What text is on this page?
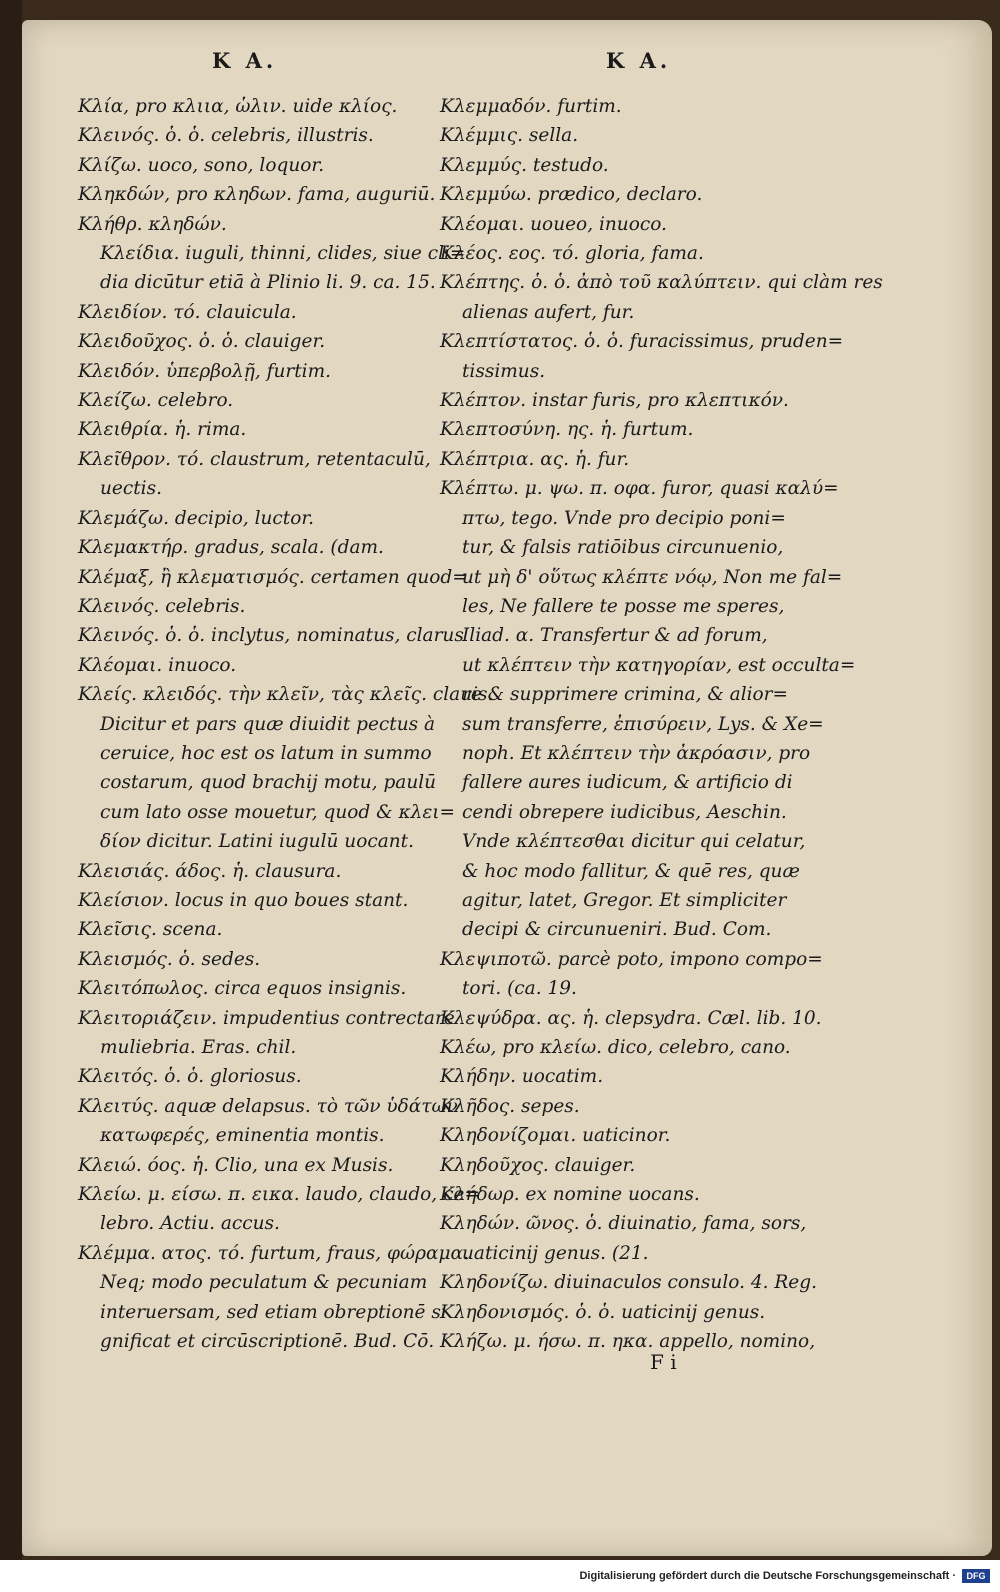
K A.	K A.
Κλία, pro κλιια, ὡλιν. uide κλίος.
Κλεινός. ὁ. ὁ. celebris, illustris.
Κλίζω. uoco, sono, loquor.
Κληκδών, pro κληδων. fama, auguriū.
Κλήθρ. κληδών.
Κλείδια. iuguli, thinni, clides, siue cli=
dia dicūtur etiā à Plinio li. 9. ca. 15.
Κλειδίον. τό. clauicula.
Κλειδοῦχος. ὁ. ὁ. clauiger.
Κλειδόν. ὑπερβολῇ, furtim.
Κλείζω. celebro.
Κλειθρία. ἡ. rima.
Κλεῖθρον. τό. claustrum, retentaculū,
uectis.
Κλεμάζω. decipio, luctor.
Κλεμακτήρ. gradus, scala. (dam.
Κλέμαξ, ἢ κλεματισμός. certamen quod=
Κλεινός. celebris.
Κλεινός. ὁ. ὁ. inclytus, nominatus, clarus
Κλέομαι. inuoco.
Κλείς. κλειδός. τὴν κλεῖν, τὰς κλεῖς. clauis.
Dicitur et pars quæ diuidit pectus à
ceruice, hoc est os latum in summo
costarum, quod brachij motu, paulū
cum lato osse mouetur, quod & κλει=
δίον dicitur. Latini iugulū uocant.
Κλεισιάς. άδος. ἡ. clausura.
Κλείσιον. locus in quo boues stant.
Κλεῖσις. scena.
Κλεισμός. ὁ. sedes.
Κλειτόπωλος. circa equos insignis.
Κλειτοριάζειν. impudentius contrectare
muliebria. Eras. chil.
Κλειτός. ὁ. ὁ. gloriosus.
Κλειτύς. aquæ delapsus. τὸ τῶν ὑδάτων
κατωφερές, eminentia montis.
Κλειώ. όος. ἡ. Clio, una ex Musis.
Κλείω. μ. είσω. π. εικα. laudo, claudo, ce=
lebro. Actiu. accus.
Κλέμμα. ατος. τό. furtum, fraus, φώραμα.
Neq; modo peculatum & pecuniam
interuersam, sed etiam obreptionē si
gnificat et circūscriptionē. Bud. Cō.
Κλεμμαδόν. furtim.
Κλέμμις. sella.
Κλεμμύς. testudo.
Κλεμμύω. prædico, declaro.
Κλέομαι. uoueo, inuoco.
Κλέος. εος. τό. gloria, fama.
Κλέπτης. ὁ. ὁ. ἀπὸ τοῦ καλύπτειν. qui clàm res
alienas aufert, fur.
Κλεπτίστατος. ὁ. ὁ. furacissimus, pruden=
tissimus.
Κλέπτον. instar furis, pro κλεπτικόν.
Κλεπτοσύνη. ης. ἡ. furtum.
Κλέπτρια. ας. ἡ. fur.
Κλέπτω. μ. ψω. π. οφα. furor, quasi καλύ=
πτω, tego. Vnde pro decipio poni=
tur, & falsis ratiōibus circunuenio,
ut μὴ δ' οὕτως κλέπτε νόῳ, Non me fal=
les, Ne fallere te posse me speres,
Iliad. α. Transfertur & ad forum,
ut κλέπτειν τὴν κατηγορίαν, est occulta=
re & supprimere crimina, & alior=
sum transferre, ἐπισύρειν, Lys. & Xe=
noph. Et κλέπτειν τὴν ἀκρόασιν, pro
fallere aures iudicum, & artificio di
cendi obrepere iudicibus, Aeschin.
Vnde κλέπτεσθαι dicitur qui celatur,
& hoc modo fallitur, & quē res, quæ
agitur, latet, Gregor. Et simpliciter
decipi & circunueniri. Bud. Com.
Κλεψιποτῶ. parcè poto, impono compo=
tori. (ca. 19.
Κλεψύδρα. ας. ἡ. clepsydra. Cæl. lib. 10.
Κλέω, pro κλείω. dico, celebro, cano.
Κλήδην. uocatim.
Κλῆδος. sepes.
Κληδονίζομαι. uaticinor.
Κληδοῦχος. clauiger.
Κλήδωρ. ex nomine uocans.
Κληδών. ῶνος. ὁ. diuinatio, fama, sors,
uaticinij genus. (21.
Κληδονίζω. diuinaculos consulo. 4. Reg.
Κληδονισμός. ὁ. ὁ. uaticinij genus.
Κλήζω. μ. ήσω. π. ηκα. appello, nomino,
F i
Digitalisierung gefördert durch die Deutsche Forschungsgemeinschaft ·	DFG
